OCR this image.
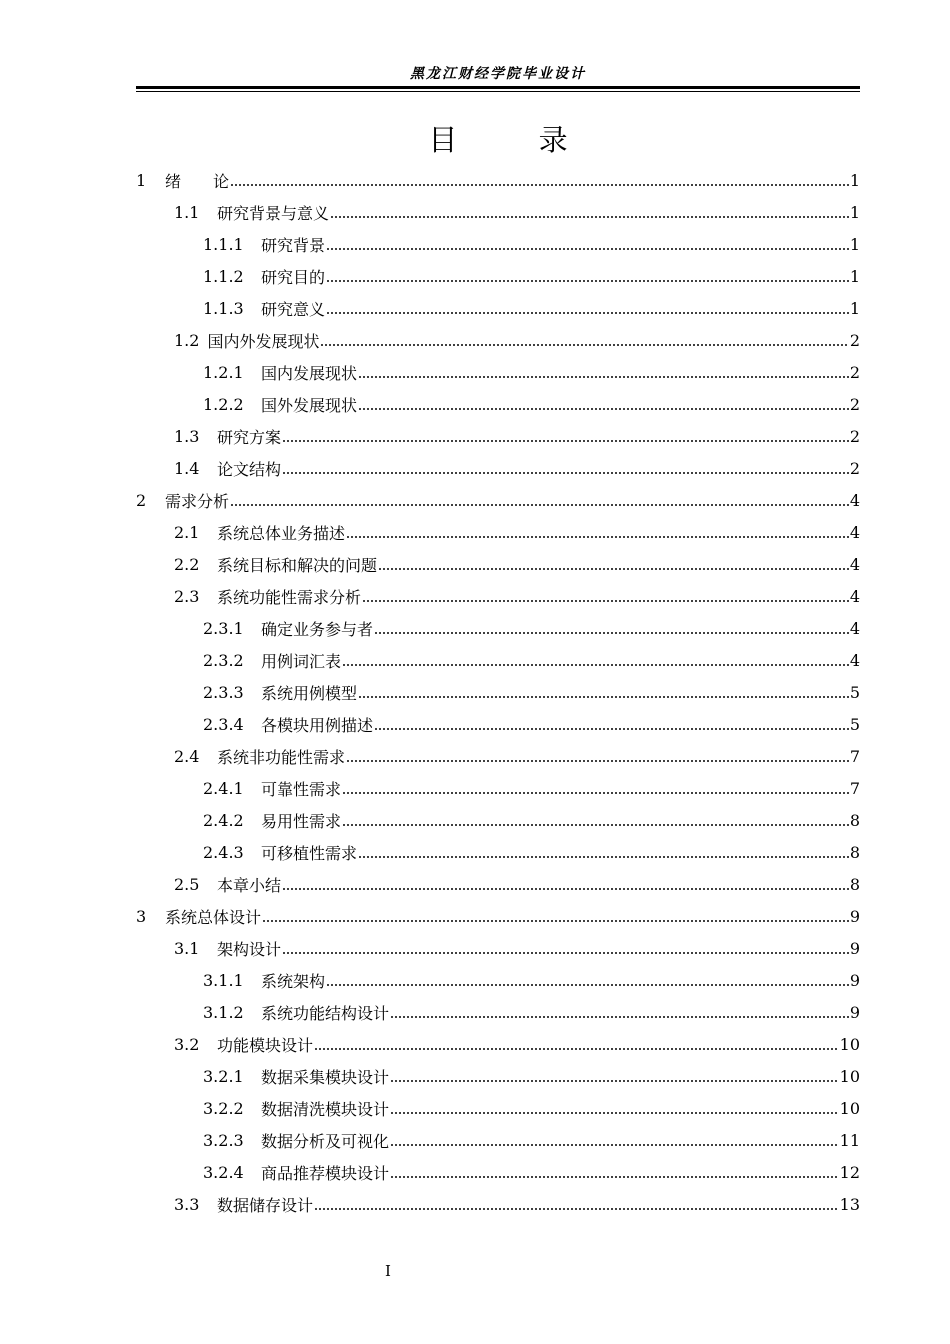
黑龙江财经学院毕业设计
目 录
1	绪　　论	1
1.1	研究背景与意义	1
1.1.1	研究背景	1
1.1.2	研究目的	1
1.1.3	研究意义	1
1.2 国内外发展现状	2
1.2.1	国内发展现状	2
1.2.2	国外发展现状	2
1.3	研究方案	2
1.4	论文结构	2
2	需求分析	4
2.1	系统总体业务描述	4
2.2	系统目标和解决的问题	4
2.3	系统功能性需求分析	4
2.3.1	确定业务参与者	4
2.3.2	用例词汇表	4
2.3.3	系统用例模型	5
2.3.4	各模块用例描述	5
2.4	系统非功能性需求	7
2.4.1	可靠性需求	7
2.4.2	易用性需求	8
2.4.3	可移植性需求	8
2.5	本章小结	8
3	系统总体设计	9
3.1	架构设计	9
3.1.1	系统架构	9
3.1.2	系统功能结构设计	9
3.2	功能模块设计	10
3.2.1	数据采集模块设计	10
3.2.2	数据清洗模块设计	10
3.2.3	数据分析及可视化	11
3.2.4	商品推荐模块设计	12
3.3	数据储存设计	13
I
